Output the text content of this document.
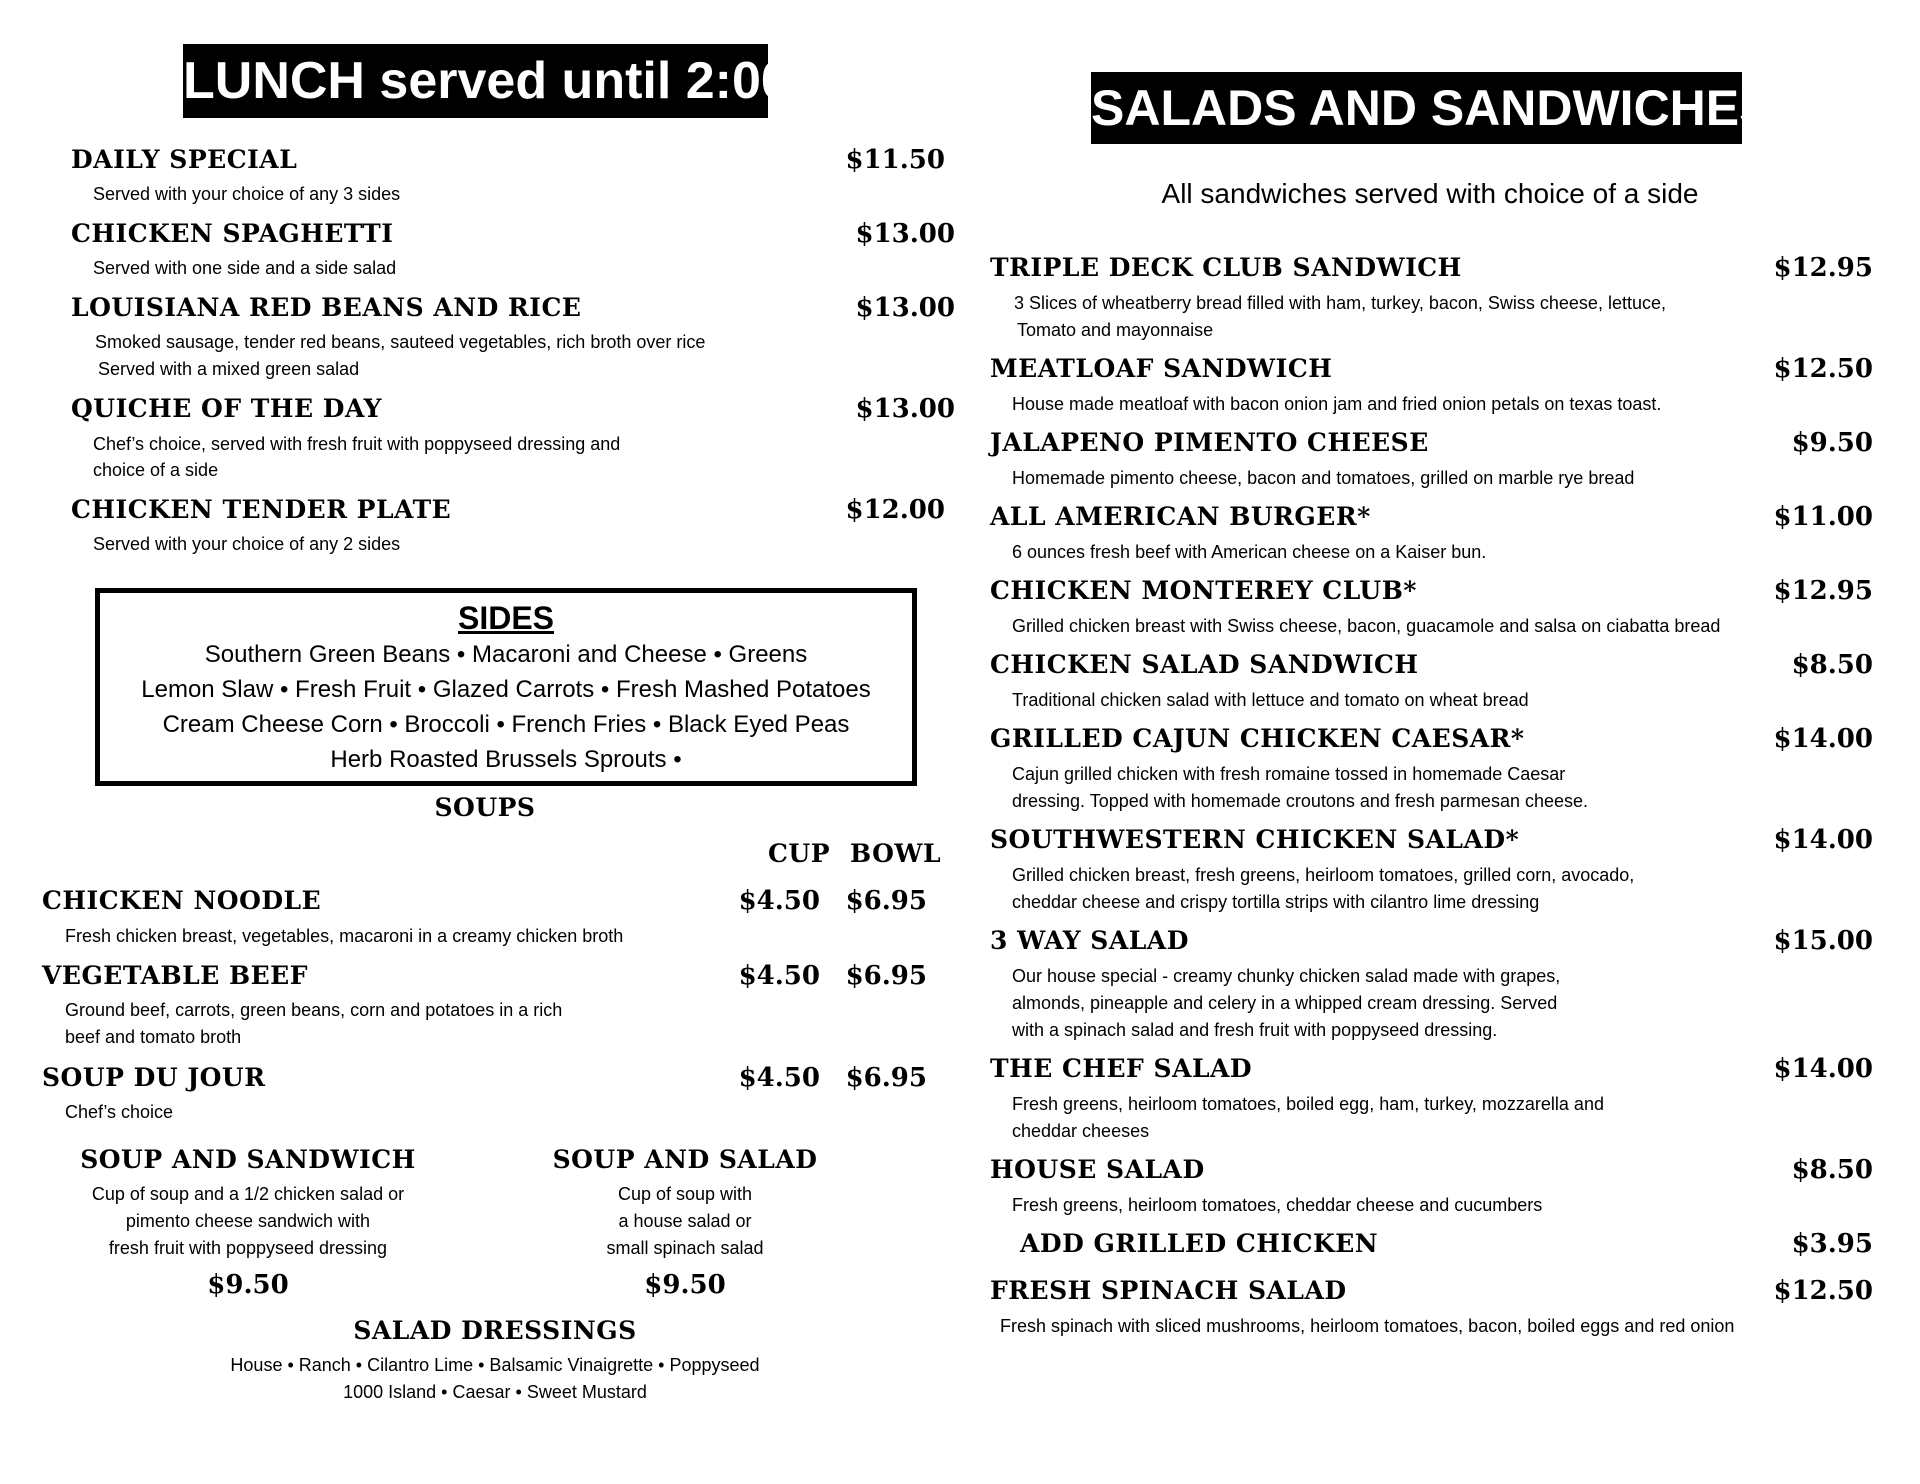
LUNCH served until 2:00
DAILY SPECIAL	$11.50
Served with your choice of any 3 sides
CHICKEN SPAGHETTI	$13.00
Served with one side and a side salad
LOUISIANA RED BEANS AND RICE	$13.00
Smoked sausage, tender red beans, sauteed vegetables, rich broth over rice
Served with a mixed green salad
QUICHE OF THE DAY	$13.00
Chef’s choice, served with fresh fruit with poppyseed dressing and
choice of a side
CHICKEN TENDER PLATE	$12.00
Served with your choice of any 2 sides
SIDES
Southern Green Beans • Macaroni and Cheese • Greens
Lemon Slaw • Fresh Fruit • Glazed Carrots • Fresh Mashed Potatoes
Cream Cheese Corn • Broccoli • French Fries • Black Eyed Peas
Herb Roasted Brussels Sprouts •
SOUPS
CUP BOWL
CHICKEN NOODLE	$4.50 $6.95
Fresh chicken breast, vegetables, macaroni in a creamy chicken broth
VEGETABLE BEEF	$4.50 $6.95
Ground beef, carrots, green beans, corn and potatoes in a rich
beef and tomato broth
SOUP DU JOUR	$4.50 $6.95
Chef’s choice
SOUP AND SANDWICH
Cup of soup and a 1/2 chicken salad or
pimento cheese sandwich with
fresh fruit with poppyseed dressing
$9.50
SOUP AND SALAD
Cup of soup with
a house salad or
small spinach salad
$9.50
SALAD DRESSINGS
House • Ranch • Cilantro Lime • Balsamic Vinaigrette • Poppyseed
1000 Island • Caesar • Sweet Mustard
SALADS AND SANDWICHES
All sandwiches served with choice of a side
TRIPLE DECK CLUB SANDWICH	$12.95
3 Slices of wheatberry bread filled with ham, turkey, bacon, Swiss cheese, lettuce,
Tomato and mayonnaise
MEATLOAF SANDWICH	$12.50
House made meatloaf with bacon onion jam and fried onion petals on texas toast.
JALAPENO PIMENTO CHEESE	$9.50
Homemade pimento cheese, bacon and tomatoes, grilled on marble rye bread
ALL AMERICAN BURGER*	$11.00
6 ounces fresh beef with American cheese on a Kaiser bun.
CHICKEN MONTEREY CLUB*	$12.95
Grilled chicken breast with Swiss cheese, bacon, guacamole and salsa on ciabatta bread
CHICKEN SALAD SANDWICH	$8.50
Traditional chicken salad with lettuce and tomato on wheat bread
GRILLED CAJUN CHICKEN CAESAR*	$14.00
Cajun grilled chicken with fresh romaine tossed in homemade Caesar
dressing. Topped with homemade croutons and fresh parmesan cheese.
SOUTHWESTERN CHICKEN SALAD*	$14.00
Grilled chicken breast, fresh greens, heirloom tomatoes, grilled corn, avocado,
cheddar cheese and crispy tortilla strips with cilantro lime dressing
3 WAY SALAD	$15.00
Our house special - creamy chunky chicken salad made with grapes,
almonds, pineapple and celery in a whipped cream dressing. Served
with a spinach salad and fresh fruit with poppyseed dressing.
THE CHEF SALAD	$14.00
Fresh greens, heirloom tomatoes, boiled egg, ham, turkey, mozzarella and
cheddar cheeses
HOUSE SALAD	$8.50
Fresh greens, heirloom tomatoes, cheddar cheese and cucumbers
ADD GRILLED CHICKEN	$3.95
FRESH SPINACH SALAD	$12.50
Fresh spinach with sliced mushrooms, heirloom tomatoes, bacon, boiled eggs and red onion
